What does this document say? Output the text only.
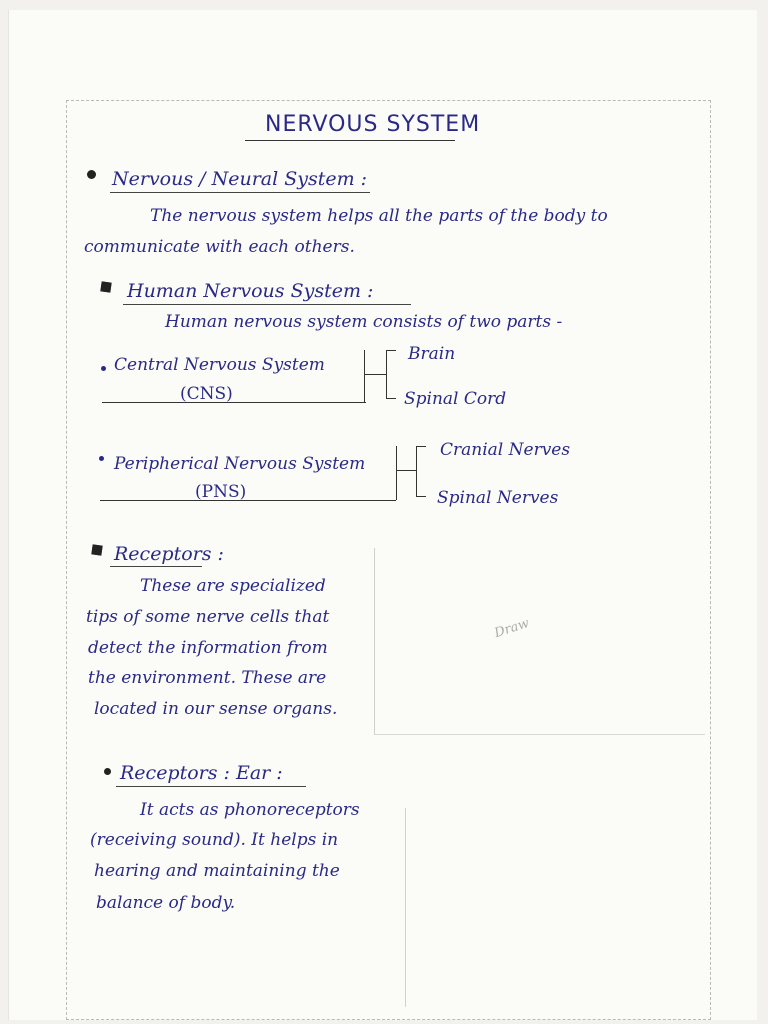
NERVOUS SYSTEM
Nervous / Neural System :
The nervous system helps all the parts of the body to
communicate with each others.
Human Nervous System :
Human nervous system consists of two parts -
Central Nervous System
(CNS)
Brain
Spinal Cord
Peripherical Nervous System
(PNS)
Cranial Nerves
Spinal Nerves
Receptors :
These are specialized
tips of some nerve cells that
detect the information from
the environment. These are
located in our sense organs.
Draw
Receptors : Ear :
It acts as phonoreceptors
(receiving sound). It helps in
hearing and maintaining the
balance of body.
